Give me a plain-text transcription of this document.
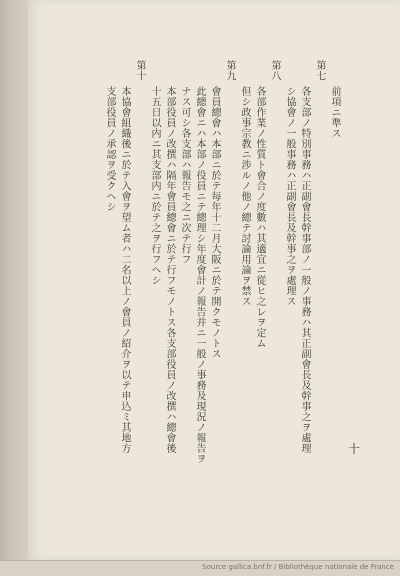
前項ニ準ス
第七
各支部ノ特別事務ハ正副會長幹事部ノ一般ノ事務ハ其正副會長及幹事之ヲ處理
シ協會ノ一般事務ハ正副會長及幹事之ヲ處理ス
第八
各部作業ノ性質ト會合ノ度數ハ其適宜ニ從ヒ之レヲ定ム
但シ政事宗教ニ渉ルノ他ノ總テ討論用論ヲ禁ス
第九
會員總會ハ本部ニ於テ每年十二月大阪ニ於テ開クモノトス
此總會ニハ本部ノ役員ニテ總理シ年度會計ノ報告并ニ一般ノ事務及現況ノ報告ヲ
ナス可シ各支部ハ報告モ之ニ次テ行フ
本部役員ノ改撰ハ隔年會員總會ニ於テ行フモノトス各支部役員ノ改撰ハ總會後
十五日以内ニ其支部内ニ於テ之ヲ行フヘシ
第十
本協會組織後ニ於テ入會ヲ望ム者ハ二名以上ノ會員ノ紹介ヲ以テ申込ミ其地方
支部役員ノ承認ヲ受クヘシ
十
Source gallica.bnf.fr / Bibliothèque nationale de France
